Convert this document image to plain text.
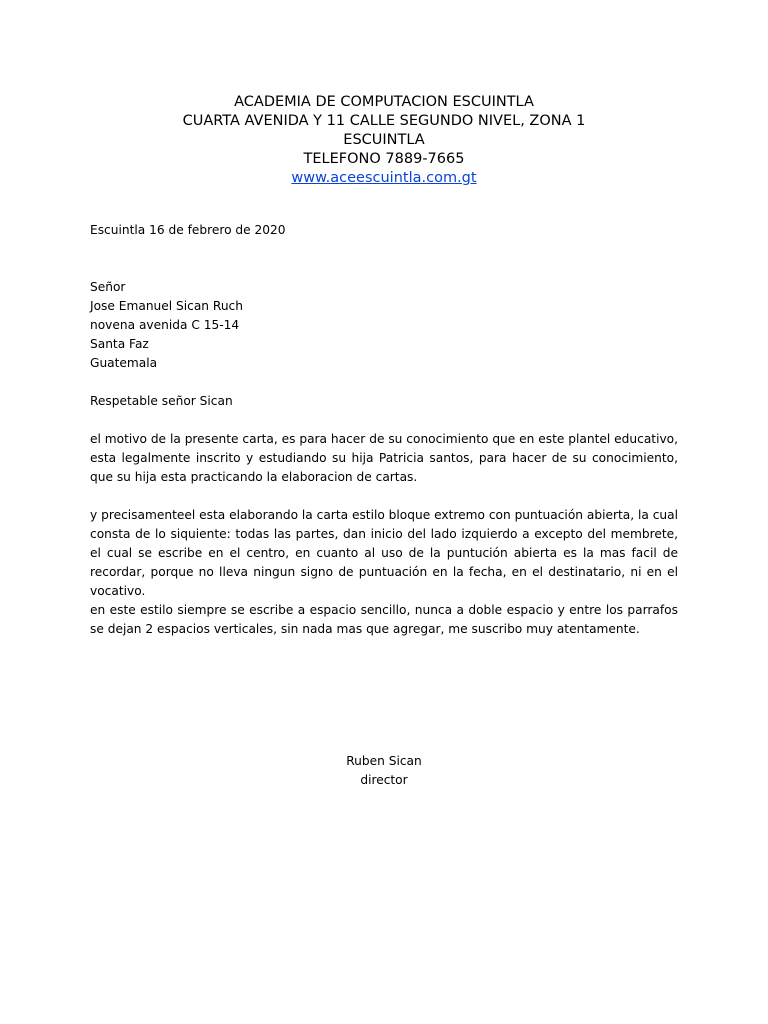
ACADEMIA DE COMPUTACION ESCUINTLA
CUARTA AVENIDA Y 11 CALLE SEGUNDO NIVEL, ZONA 1
ESCUINTLA
TELEFONO 7889-7665
www.aceescuintla.com.gt
Escuintla 16 de febrero de 2020
Señor
Jose Emanuel Sican Ruch
novena avenida C 15-14
Santa Faz
Guatemala
Respetable señor Sican
el motivo de la presente carta, es para hacer de su conocimiento que en este plantel educativo, esta legalmente inscrito y estudiando su hija Patricia santos, para hacer de su conocimiento, que su hija esta practicando la elaboracion de cartas.
y precisamenteel esta elaborando la carta estilo bloque extremo con puntuación abierta, la cual consta de lo siquiente: todas las partes, dan inicio del lado izquierdo a excepto del membrete, el cual se escribe en el centro, en cuanto al uso de la puntución abierta es la mas facil de recordar, porque no lleva ningun signo de puntuación en la fecha, en el destinatario, ni en el vocativo.
en este estilo siempre se escribe a espacio sencillo, nunca a doble espacio y entre los parrafos se dejan 2 espacios verticales, sin nada mas que agregar, me suscribo muy atentamente.
Ruben Sican
director
